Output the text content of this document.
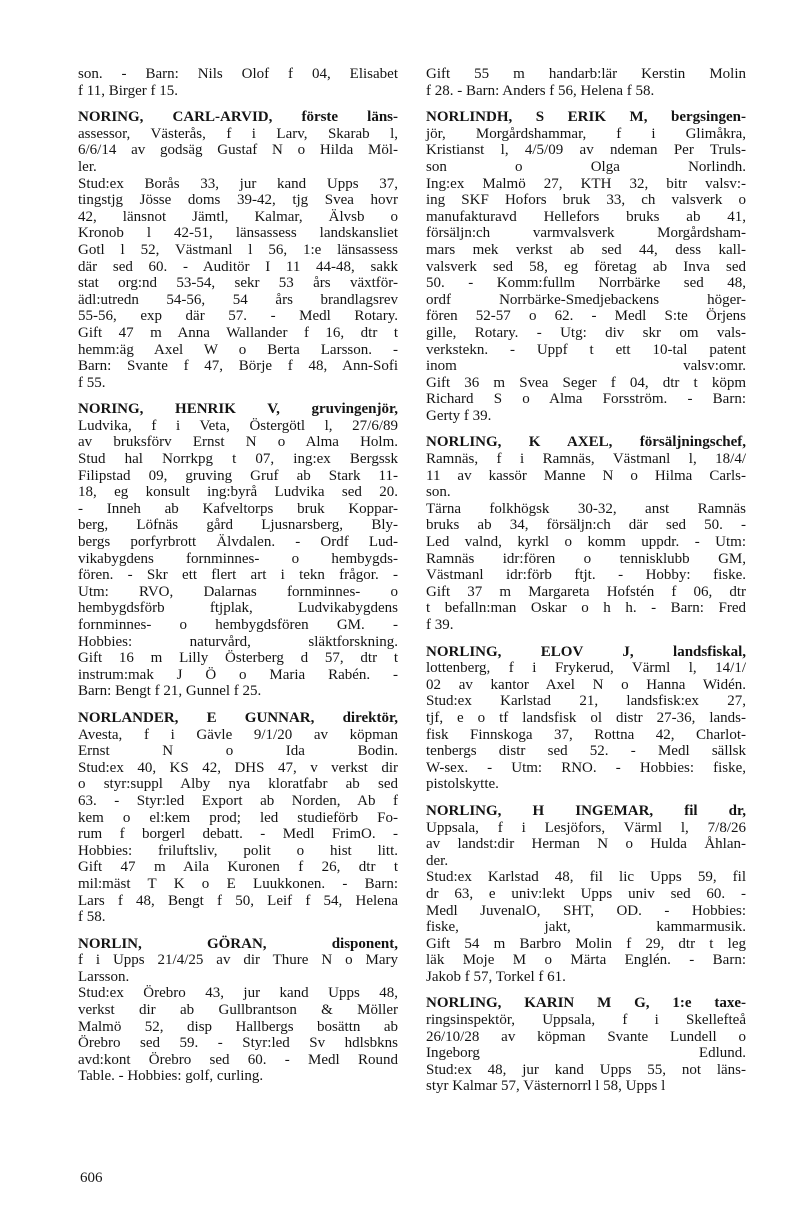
son. - Barn: Nils Olof f 04, Elisabet
f 11, Birger f 15.
NORING, CARL-ARVID, förste läns-
assessor, Västerås, f i Larv, Skarab l,
6/6/14 av godsäg Gustaf N o Hilda Möl-
ler.
Stud:ex Borås 33, jur kand Upps 37,
tingstjg Jösse doms 39-42, tjg Svea hovr
42, länsnot Jämtl, Kalmar, Älvsb o
Kronob l 42-51, länsassess landskansliet
Gotl l 52, Västmanl l 56, 1:e länsassess
där sed 60. - Auditör I 11 44-48, sakk
stat org:nd 53-54, sekr 53 års växtför-
ädl:utredn 54-56, 54 års brandlagsrev
55-56, exp där 57. - Medl Rotary.
Gift 47 m Anna Wallander f 16, dtr t
hemm:äg Axel W o Berta Larsson. -
Barn: Svante f 47, Börje f 48, Ann-Sofi
f 55.
NORING, HENRIK V, gruvingenjör,
Ludvika, f i Veta, Östergötl l, 27/6/89
av bruksförv Ernst N o Alma Holm.
Stud hal Norrkpg t 07, ing:ex Bergssk
Filipstad 09, gruving Gruf ab Stark 11-
18, eg konsult ing:byrå Ludvika sed 20.
- Inneh ab Kafveltorps bruk Koppar-
berg, Löfnäs gård Ljusnarsberg, Bly-
bergs porfyrbrott Älvdalen. - Ordf Lud-
vikabygdens fornminnes- o hembygds-
fören. - Skr ett flert art i tekn frågor. -
Utm: RVO, Dalarnas fornminnes- o
hembygdsförb ftjplak, Ludvikabygdens
fornminnes- o hembygdsfören GM. -
Hobbies: naturvård, släktforskning.
Gift 16 m Lilly Österberg d 57, dtr t
instrum:mak J Ö o Maria Rabén. -
Barn: Bengt f 21, Gunnel f 25.
NORLANDER, E GUNNAR, direktör,
Avesta, f i Gävle 9/1/20 av köpman
Ernst N o Ida Bodin.
Stud:ex 40, KS 42, DHS 47, v verkst dir
o styr:suppl Alby nya kloratfabr ab sed
63. - Styr:led Export ab Norden, Ab f
kem o el:kem prod; led studieförb Fo-
rum f borgerl debatt. - Medl FrimO. -
Hobbies: friluftsliv, polit o hist litt.
Gift 47 m Aila Kuronen f 26, dtr t
mil:mäst T K o E Luukkonen. - Barn:
Lars f 48, Bengt f 50, Leif f 54, Helena
f 58.
NORLIN, GÖRAN, disponent,
f i Upps 21/4/25 av dir Thure N o Mary
Larsson.
Stud:ex Örebro 43, jur kand Upps 48,
verkst dir ab Gullbrantson & Möller
Malmö 52, disp Hallbergs bosättn ab
Örebro sed 59. - Styr:led Sv hdlsbkns
avd:kont Örebro sed 60. - Medl Round
Table. - Hobbies: golf, curling.
Gift 55 m handarb:lär Kerstin Molin
f 28. - Barn: Anders f 56, Helena f 58.
NORLINDH, S ERIK M, bergsingen-
jör, Morgårdshammar, f i Glimåkra,
Kristianst l, 4/5/09 av ndeman Per Truls-
son o Olga Norlindh.
Ing:ex Malmö 27, KTH 32, bitr valsv:-
ing SKF Hofors bruk 33, ch valsverk o
manufakturavd Hellefors bruks ab 41,
försäljn:ch varmvalsverk Morgårdsham-
mars mek verkst ab sed 44, dess kall-
valsverk sed 58, eg företag ab Inva sed
50. - Komm:fullm Norrbärke sed 48,
ordf Norrbärke-Smedjebackens höger-
fören 52-57 o 62. - Medl S:te Örjens
gille, Rotary. - Utg: div skr om vals-
verkstekn. - Uppf t ett 10-tal patent
inom valsv:omr.
Gift 36 m Svea Seger f 04, dtr t köpm
Richard S o Alma Forsström. - Barn:
Gerty f 39.
NORLING, K AXEL, försäljningschef,
Ramnäs, f i Ramnäs, Västmanl l, 18/4/
11 av kassör Manne N o Hilma Carls-
son.
Tärna folkhögsk 30-32, anst Ramnäs
bruks ab 34, försäljn:ch där sed 50. -
Led valnd, kyrkl o komm uppdr. - Utm:
Ramnäs idr:fören o tennisklubb GM,
Västmanl idr:förb ftjt. - Hobby: fiske.
Gift 37 m Margareta Hofstén f 06, dtr
t befalln:man Oskar o h h. - Barn: Fred
f 39.
NORLING, ELOV J, landsfiskal,
lottenberg, f i Frykerud, Värml l, 14/1/
02 av kantor Axel N o Hanna Widén.
Stud:ex Karlstad 21, landsfisk:ex 27,
tjf, e o tf landsfisk ol distr 27-36, lands-
fisk Finnskoga 37, Rottna 42, Charlot-
tenbergs distr sed 52. - Medl sällsk
W-sex. - Utm: RNO. - Hobbies: fiske,
pistolskytte.
NORLING, H INGEMAR, fil dr,
Uppsala, f i Lesjöfors, Värml l, 7/8/26
av landst:dir Herman N o Hulda Åhlan-
der.
Stud:ex Karlstad 48, fil lic Upps 59, fil
dr 63, e univ:lekt Upps univ sed 60. -
Medl JuvenalO, SHT, OD. - Hobbies:
fiske, jakt, kammarmusik.
Gift 54 m Barbro Molin f 29, dtr t leg
läk Moje M o Märta Englén. - Barn:
Jakob f 57, Torkel f 61.
NORLING, KARIN M G, 1:e taxe-
ringsinspektör, Uppsala, f i Skellefteå
26/10/28 av köpman Svante Lundell o
Ingeborg Edlund.
Stud:ex 48, jur kand Upps 55, not läns-
styr Kalmar 57, Västernorrl l 58, Upps l
606
